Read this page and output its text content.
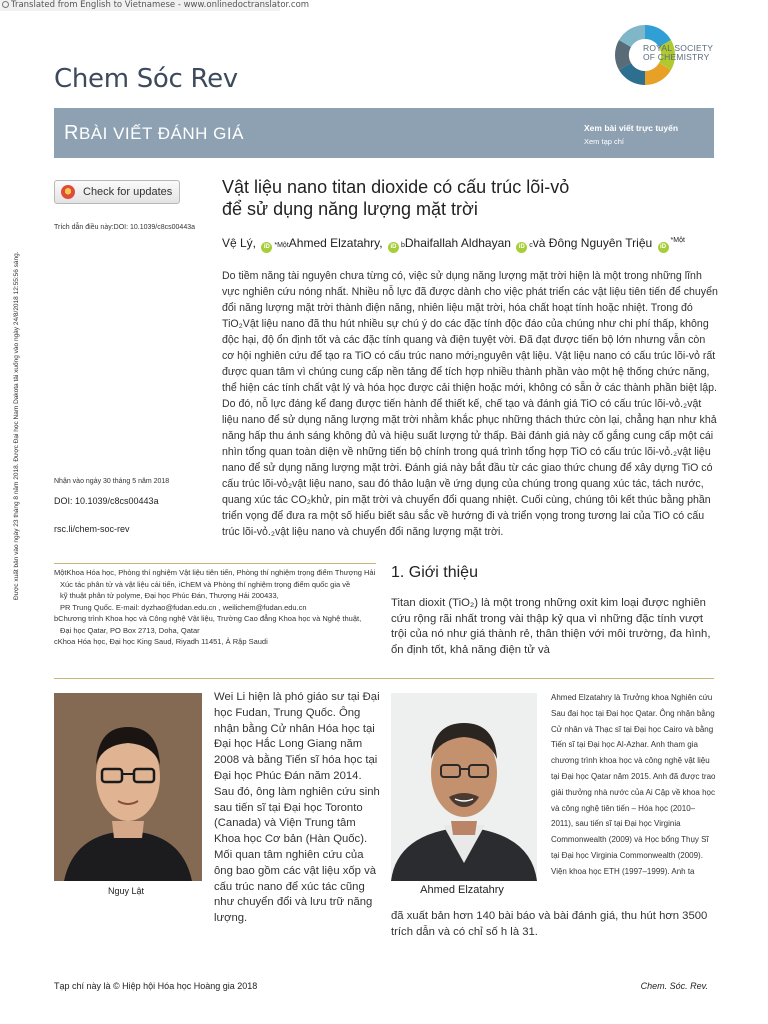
Translated from English to Vietnamese - www.onlinedoctranslator.com
Chem Sóc Rev
ROYAL SOCIETY
OF CHEMISTRY
RBÀI VIẾT ĐÁNH GIÁ	Xem bài viết trực tuyến
Xem tạp chí
Check for updates
Trích dẫn điều này:DOI: 10.1039/c8cs00443a
Được xuất bản vào ngày 23 tháng 8 năm 2018. Được Đại học Nam Dakota tải xuống vào ngày 24/8/2018 12:55:56 sáng.
Vật liệu nano titan dioxide có cấu trúc lõi-vỏ
để sử dụng năng lượng mặt trời
Vệ Lý, iD *MộtAhmed Elzatahry, iD bDhaifallah Aldhayan iD cvà Đông Nguyên Triệu $iD^{*Một}$
Do tiềm năng tài nguyên chưa từng có, việc sử dụng năng lượng mặt trời hiện là một trong những lĩnh vực nghiên cứu nóng nhất. Nhiều nỗ lực đã được dành cho việc phát triển các vật liệu tiên tiến để chuyển đổi năng lượng mặt trời thành điện năng, nhiên liệu mặt trời, hóa chất hoạt tính hoặc nhiệt. Trong đó TiO₂Vật liệu nano đã thu hút nhiều sự chú ý do các đặc tính độc đáo của chúng như chi phí thấp, không độc hại, độ ổn định tốt và các đặc tính quang và điện tuyệt vời. Đã đạt được tiến bộ lớn nhưng vẫn còn cơ hội nghiên cứu để tạo ra TiO có cấu trúc nano mới₂nguyên vật liệu. Vật liệu nano có cấu trúc lõi-vỏ rất được quan tâm vì chúng cung cấp nền tảng để tích hợp nhiều thành phần vào một hệ thống chức năng, thể hiện các tính chất vật lý và hóa học được cải thiện hoặc mới, không có sẵn ở các thành phần biệt lập. Do đó, nỗ lực đáng kể đang được tiến hành để thiết kế, chế tạo và đánh giá TiO có cấu trúc lõi-vỏ.₂vật liệu nano để sử dụng năng lượng mặt trời nhằm khắc phục những thách thức còn lại, chẳng hạn như khả năng hấp thu ánh sáng không đủ và hiệu suất lượng tử thấp. Bài đánh giá này cố gắng cung cấp một cái nhìn tổng quan toàn diện về những tiến bộ chính trong quá trình tổng hợp TiO có cấu trúc lõi-vỏ.₂vật liệu nano để sử dụng năng lượng mặt trời. Đánh giá này bắt đầu từ các giao thức chung để xây dựng TiO có cấu trúc lõi-vỏ₂vật liệu nano, sau đó thảo luận về ứng dụng của chúng trong quang xúc tác, tách nước, quang xúc tác CO₂khử, pin mặt trời và chuyển đổi quang nhiệt. Cuối cùng, chúng tôi kết thúc bằng phần triển vọng để đưa ra một số hiểu biết sâu sắc về hướng đi và triển vọng trong tương lai của TiO có cấu trúc lõi-vỏ.₂vật liệu nano và chuyển đổi năng lượng mặt trời.
Nhận vào ngày 30 tháng 5 năm 2018
DOI: 10.1039/c8cs00443a
rsc.li/chem-soc-rev
MộtKhoa Hóa học, Phòng thí nghiệm Vật liệu tiên tiến, Phòng thí nghiệm trọng điểm Thượng Hải
Xúc tác phân tử và vật liệu cải tiến, iChEM và Phòng thí nghiệm trọng điểm quốc gia về
kỹ thuật phân tử polyme, Đại học Phúc Đán, Thượng Hải 200433,
PR Trung Quốc. E-mail: dyzhao@fudan.edu.cn , weilichem@fudan.edu.cn
bChương trình Khoa học và Công nghệ Vật liệu, Trường Cao đẳng Khoa học và Nghệ thuật,
Đại học Qatar, PO Box 2713, Doha, Qatar
cKhoa Hóa học, Đại học King Saud, Riyadh 11451, Ả Rập Saudi
1. Giới thiệu
Titan dioxit (TiO₂) là một trong những oxit kim loại được nghiên cứu rộng rãi nhất trong vài thập kỷ qua vì những đặc tính vượt trội của nó như giá thành rẻ, thân thiện với môi trường, đa hình, ổn định tốt, khả năng điện tử và
Nguy Lật
Wei Li hiện là phó giáo sư tại Đại học Fudan, Trung Quốc. Ông nhận bằng Cử nhân Hóa học tại Đại học Hắc Long Giang năm 2008 và bằng Tiến sĩ hóa học tại Đại học Phúc Đán năm 2014. Sau đó, ông làm nghiên cứu sinh sau tiến sĩ tại Đại học Toronto (Canada) và Viện Trung tâm Khoa học Cơ bản (Hàn Quốc). Mối quan tâm nghiên cứu của ông bao gồm các vật liệu xốp và cấu trúc nano để xúc tác cũng như chuyển đổi và lưu trữ năng lượng.
Ahmed Elzatahry
Ahmed Elzatahry là Trưởng khoa Nghiên cứu Sau đại học tại Đại học Qatar. Ông nhận bằng Cử nhân và Thạc sĩ tại Đại học Cairo và bằng Tiến sĩ tại Đại học Al-Azhar. Anh tham gia chương trình khoa học và công nghệ vật liệu tại Đại học Qatar năm 2015. Anh đã được trao giải thưởng nhà nước của Ai Cập về khoa học và công nghệ tiên tiến – Hóa học (2010–2011), sau tiến sĩ tại Đại học Virginia Commonwealth (2009) và Học bổng Thụy Sĩ tại Đại học Virginia Commonwealth (2009). Viện khoa học ETH (1997–1999). Anh ta
đã xuất bản hơn 140 bài báo và bài đánh giá, thu hút hơn 3500 trích dẫn và có chỉ số h là 31.
Tạp chí này là © Hiệp hội Hóa học Hoàng gia 2018	Chem. Sóc. Rev.
